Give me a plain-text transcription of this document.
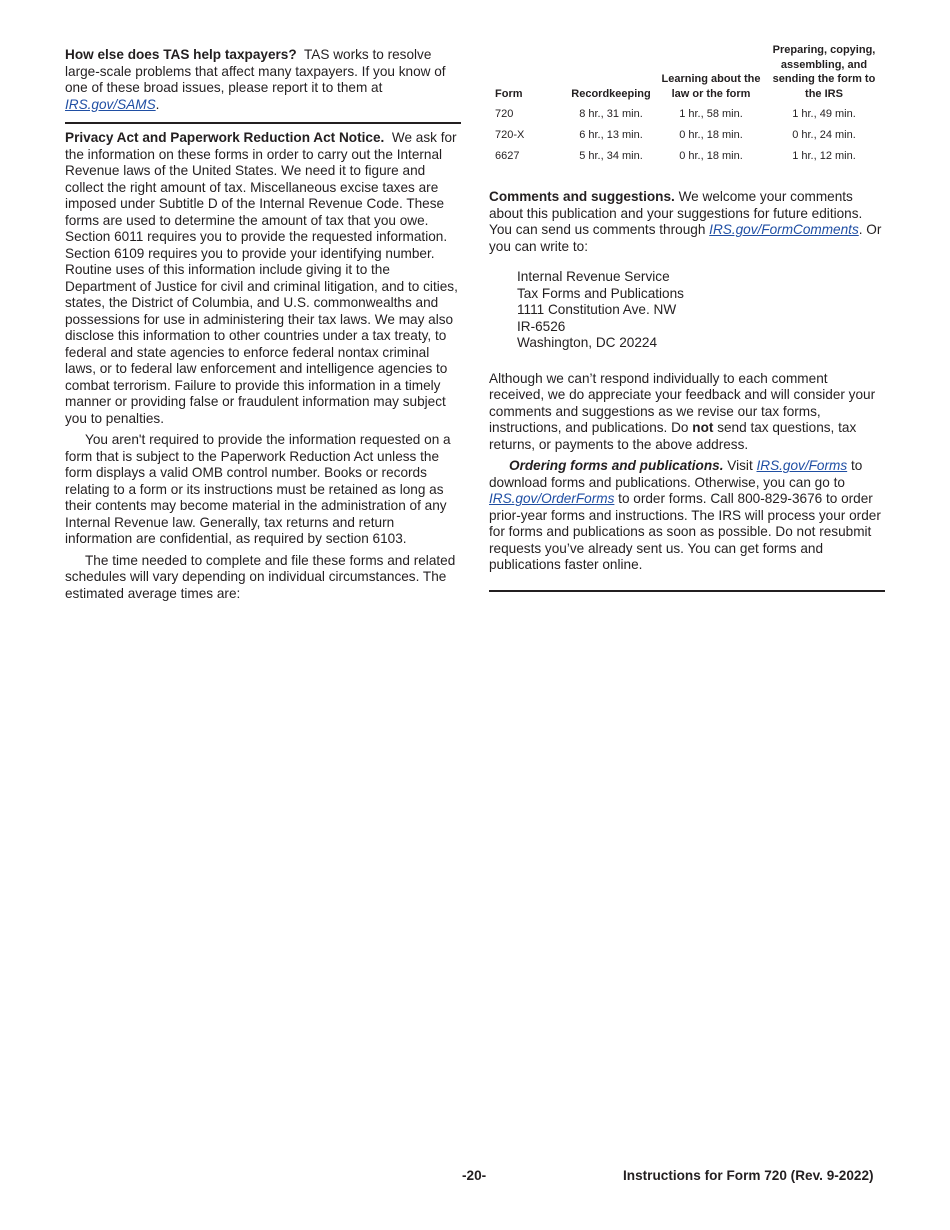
How else does TAS help taxpayers? TAS works to resolve large-scale problems that affect many taxpayers. If you know of one of these broad issues, please report it to them at IRS.gov/SAMS.

Privacy Act and Paperwork Reduction Act Notice. We ask for the information on these forms in order to carry out the Internal Revenue laws of the United States. We need it to figure and collect the right amount of tax. Miscellaneous excise taxes are imposed under Subtitle D of the Internal Revenue Code. These forms are used to determine the amount of tax that you owe. Section 6011 requires you to provide the requested information. Section 6109 requires you to provide your identifying number. Routine uses of this information include giving it to the Department of Justice for civil and criminal litigation, and to cities, states, the District of Columbia, and U.S. commonwealths and possessions for use in administering their tax laws. We may also disclose this information to other countries under a tax treaty, to federal and state agencies to enforce federal nontax criminal laws, or to federal law enforcement and intelligence agencies to combat terrorism. Failure to provide this information in a timely manner or providing false or fraudulent information may subject you to penalties.

You aren't required to provide the information requested on a form that is subject to the Paperwork Reduction Act unless the form displays a valid OMB control number. Books or records relating to a form or its instructions must be retained as long as their contents may become material in the administration of any Internal Revenue law. Generally, tax returns and return information are confidential, as required by section 6103.

The time needed to complete and file these forms and related schedules will vary depending on individual circumstances. The estimated average times are:

Form	Recordkeeping	Learning about the law or the form	Preparing, copying, assembling, and sending the form to the IRS
720	8 hr., 31 min.	1 hr., 58 min.	1 hr., 49 min.
720-X	6 hr., 13 min.	0 hr., 18 min.	0 hr., 24 min.
6627	5 hr., 34 min.	0 hr., 18 min.	1 hr., 12 min.

Comments and suggestions. We welcome your comments about this publication and your suggestions for future editions. You can send us comments through IRS.gov/FormComments. Or you can write to:

Internal Revenue Service
Tax Forms and Publications
1111 Constitution Ave. NW
IR-6526
Washington, DC 20224

Although we can’t respond individually to each comment received, we do appreciate your feedback and will consider your comments and suggestions as we revise our tax forms, instructions, and publications. Do not send tax questions, tax returns, or payments to the above address.

Ordering forms and publications. Visit IRS.gov/Forms to download forms and publications. Otherwise, you can go to IRS.gov/OrderForms to order forms. Call 800-829-3676 to order prior-year forms and instructions. The IRS will process your order for forms and publications as soon as possible. Do not resubmit requests you’ve already sent us. You can get forms and publications faster online.

-20-	Instructions for Form 720 (Rev. 9-2022)
